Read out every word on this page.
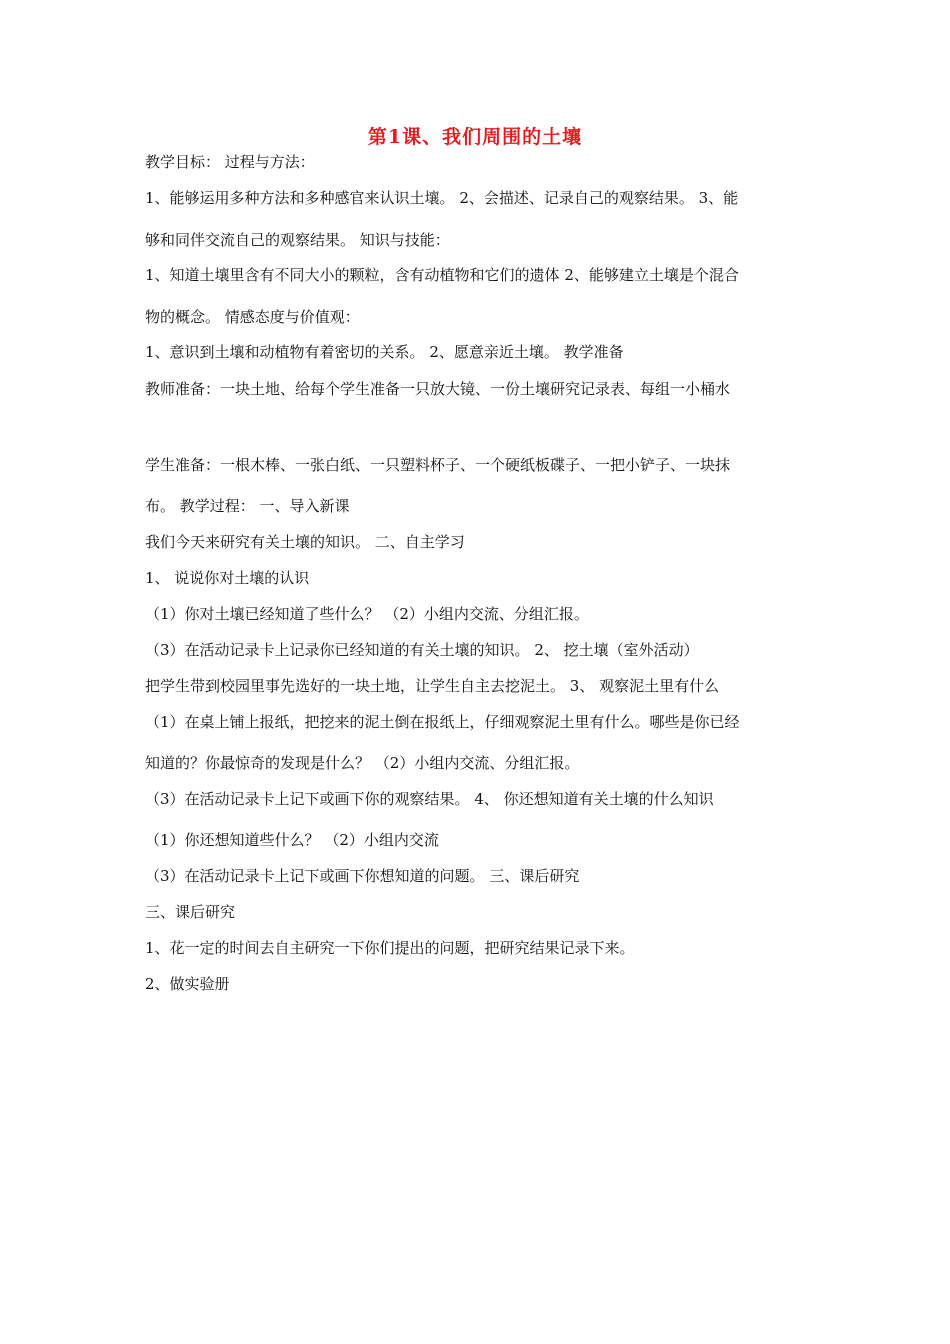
第1课、我们周围的土壤
教学目标： 过程与方法：
1、能够运用多种方法和多种感官来认识土壤。 2、会描述、记录自己的观察结果。 3、能
够和同伴交流自己的观察结果。 知识与技能：
1、知道土壤里含有不同大小的颗粒，含有动植物和它们的遗体 2、能够建立土壤是个混合
物的概念。 情感态度与价值观：
1、意识到土壤和动植物有着密切的关系。 2、愿意亲近土壤。 教学准备
教师准备：一块土地、给每个学生准备一只放大镜、一份土壤研究记录表、每组一小桶水
学生准备：一根木棒、一张白纸、一只塑料杯子、一个硬纸板碟子、一把小铲子、一块抹
布。 教学过程： 一、导入新课
我们今天来研究有关土壤的知识。 二、自主学习
1、 说说你对土壤的认识
（1）你对土壤已经知道了些什么？ （2）小组内交流、分组汇报。
（3）在活动记录卡上记录你已经知道的有关土壤的知识。 2、 挖土壤（室外活动）
把学生带到校园里事先选好的一块土地，让学生自主去挖泥土。 3、 观察泥土里有什么
（1）在桌上铺上报纸，把挖来的泥土倒在报纸上，仔细观察泥土里有什么。哪些是你已经
知道的？你最惊奇的发现是什么？ （2）小组内交流、分组汇报。
（3）在活动记录卡上记下或画下你的观察结果。 4、 你还想知道有关土壤的什么知识
（1）你还想知道些什么？ （2）小组内交流
（3）在活动记录卡上记下或画下你想知道的问题。 三、课后研究
三、课后研究
1、花一定的时间去自主研究一下你们提出的问题，把研究结果记录下来。
2、做实验册
